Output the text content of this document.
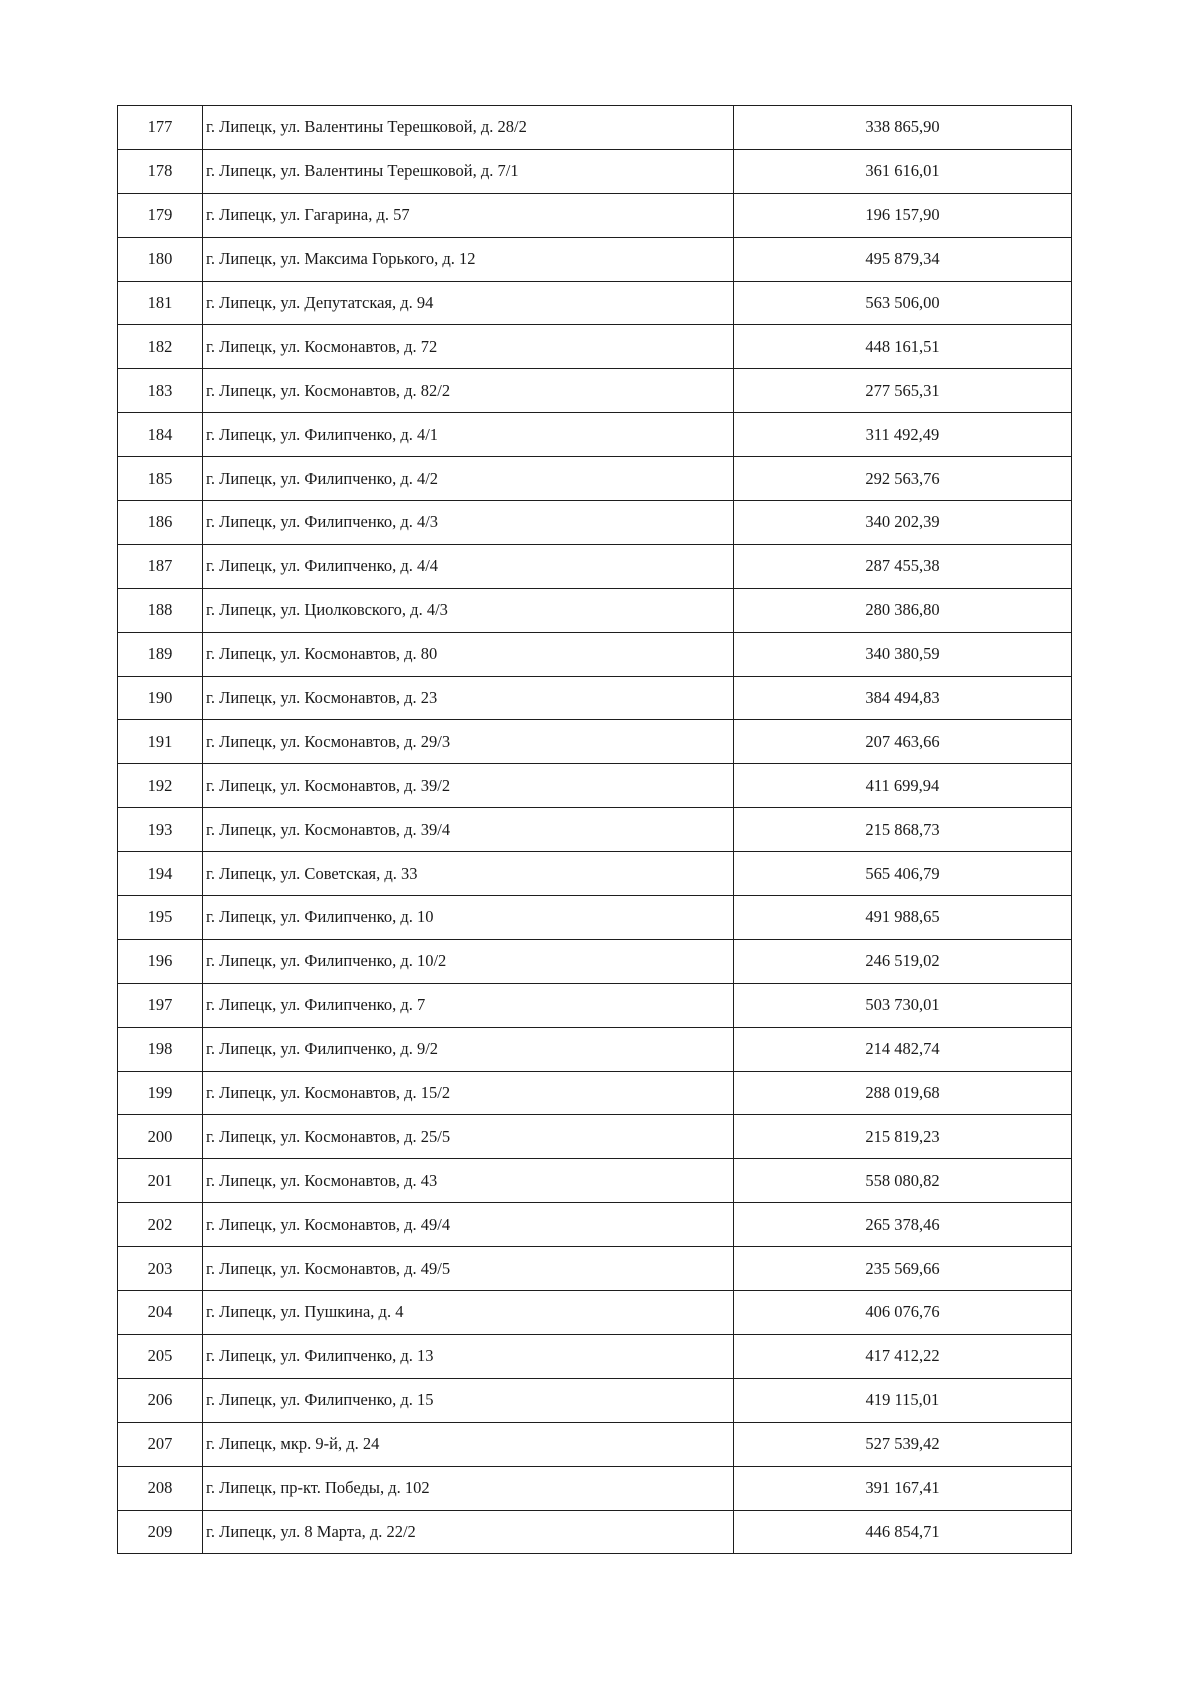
177	г. Липецк, ул. Валентины Терешковой, д. 28/2	338 865,90
178	г. Липецк, ул. Валентины Терешковой, д. 7/1	361 616,01
179	г. Липецк, ул. Гагарина, д. 57	196 157,90
180	г. Липецк, ул. Максима Горького, д. 12	495 879,34
181	г. Липецк, ул. Депутатская, д. 94	563 506,00
182	г. Липецк, ул. Космонавтов, д. 72	448 161,51
183	г. Липецк, ул. Космонавтов, д. 82/2	277 565,31
184	г. Липецк, ул. Филипченко, д. 4/1	311 492,49
185	г. Липецк, ул. Филипченко, д. 4/2	292 563,76
186	г. Липецк, ул. Филипченко, д. 4/3	340 202,39
187	г. Липецк, ул. Филипченко, д. 4/4	287 455,38
188	г. Липецк, ул. Циолковского, д. 4/3	280 386,80
189	г. Липецк, ул. Космонавтов, д. 80	340 380,59
190	г. Липецк, ул. Космонавтов, д. 23	384 494,83
191	г. Липецк, ул. Космонавтов, д. 29/3	207 463,66
192	г. Липецк, ул. Космонавтов, д. 39/2	411 699,94
193	г. Липецк, ул. Космонавтов, д. 39/4	215 868,73
194	г. Липецк, ул. Советская, д. 33	565 406,79
195	г. Липецк, ул. Филипченко, д. 10	491 988,65
196	г. Липецк, ул. Филипченко, д. 10/2	246 519,02
197	г. Липецк, ул. Филипченко, д. 7	503 730,01
198	г. Липецк, ул. Филипченко, д. 9/2	214 482,74
199	г. Липецк, ул. Космонавтов, д. 15/2	288 019,68
200	г. Липецк, ул. Космонавтов, д. 25/5	215 819,23
201	г. Липецк, ул. Космонавтов, д. 43	558 080,82
202	г. Липецк, ул. Космонавтов, д. 49/4	265 378,46
203	г. Липецк, ул. Космонавтов, д. 49/5	235 569,66
204	г. Липецк, ул. Пушкина, д. 4	406 076,76
205	г. Липецк, ул. Филипченко, д. 13	417 412,22
206	г. Липецк, ул. Филипченко, д. 15	419 115,01
207	г. Липецк, мкр. 9-й, д. 24	527 539,42
208	г. Липецк, пр-кт. Победы, д. 102	391 167,41
209	г. Липецк, ул. 8 Марта, д. 22/2	446 854,71
